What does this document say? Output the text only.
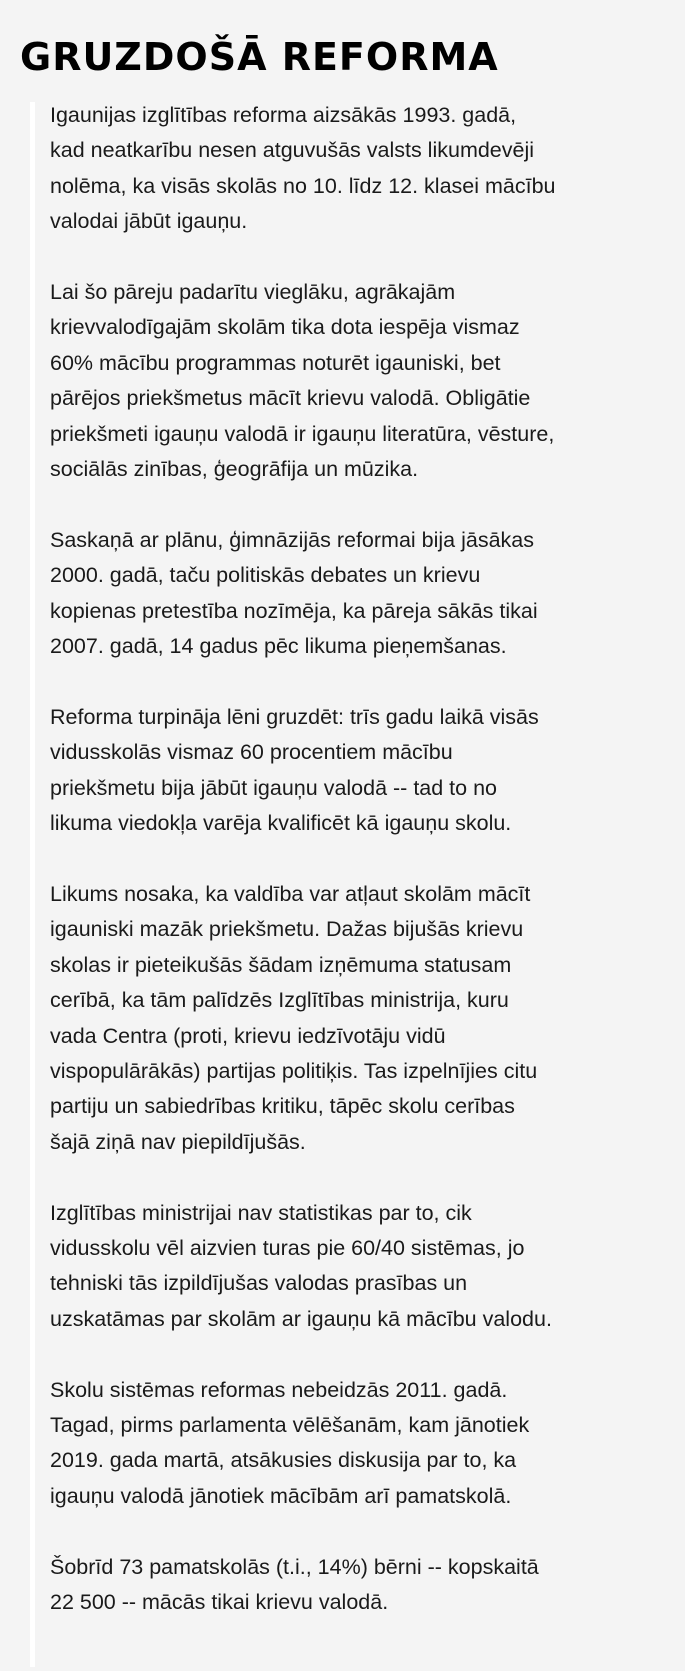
GRUZDOŠĀ REFORMA

Igaunijas izglītības reforma aizsākās 1993. gadā,
kad neatkarību nesen atguvušās valsts likumdevēji
nolēma, ka visās skolās no 10. līdz 12. klasei mācību
valodai jābūt igauņu.

Lai šo pāreju padarītu vieglāku, agrākajām
krievvalodīgajām skolām tika dota iespēja vismaz
60% mācību programmas noturēt igauniski, bet
pārējos priekšmetus mācīt krievu valodā. Obligātie
priekšmeti igauņu valodā ir igauņu literatūra, vēsture,
sociālās zinības, ģeogrāfija un mūzika.

Saskaņā ar plānu, ģimnāzijās reformai bija jāsākas
2000. gadā, taču politiskās debates un krievu
kopienas pretestība nozīmēja, ka pāreja sākās tikai
2007. gadā, 14 gadus pēc likuma pieņemšanas.

Reforma turpināja lēni gruzdēt: trīs gadu laikā visās
vidusskolās vismaz 60 procentiem mācību
priekšmetu bija jābūt igauņu valodā -- tad to no
likuma viedokļa varēja kvalificēt kā igauņu skolu.

Likums nosaka, ka valdība var atļaut skolām mācīt
igauniski mazāk priekšmetu. Dažas bijušās krievu
skolas ir pieteikušās šādam izņēmuma statusam
cerībā, ka tām palīdzēs Izglītības ministrija, kuru
vada Centra (proti, krievu iedzīvotāju vidū
vispopulārākās) partijas politiķis. Tas izpelnījies citu
partiju un sabiedrības kritiku, tāpēc skolu cerības
šajā ziņā nav piepildījušās.

Izglītības ministrijai nav statistikas par to, cik
vidusskolu vēl aizvien turas pie 60/40 sistēmas, jo
tehniski tās izpildījušas valodas prasības un
uzskatāmas par skolām ar igauņu kā mācību valodu.

Skolu sistēmas reformas nebeidzās 2011. gadā.
Tagad, pirms parlamenta vēlēšanām, kam jānotiek
2019. gada martā, atsākusies diskusija par to, ka
igauņu valodā jānotiek mācībām arī pamatskolā.

Šobrīd 73 pamatskolās (t.i., 14%) bērni -- kopskaitā
22 500 -- mācās tikai krievu valodā.
